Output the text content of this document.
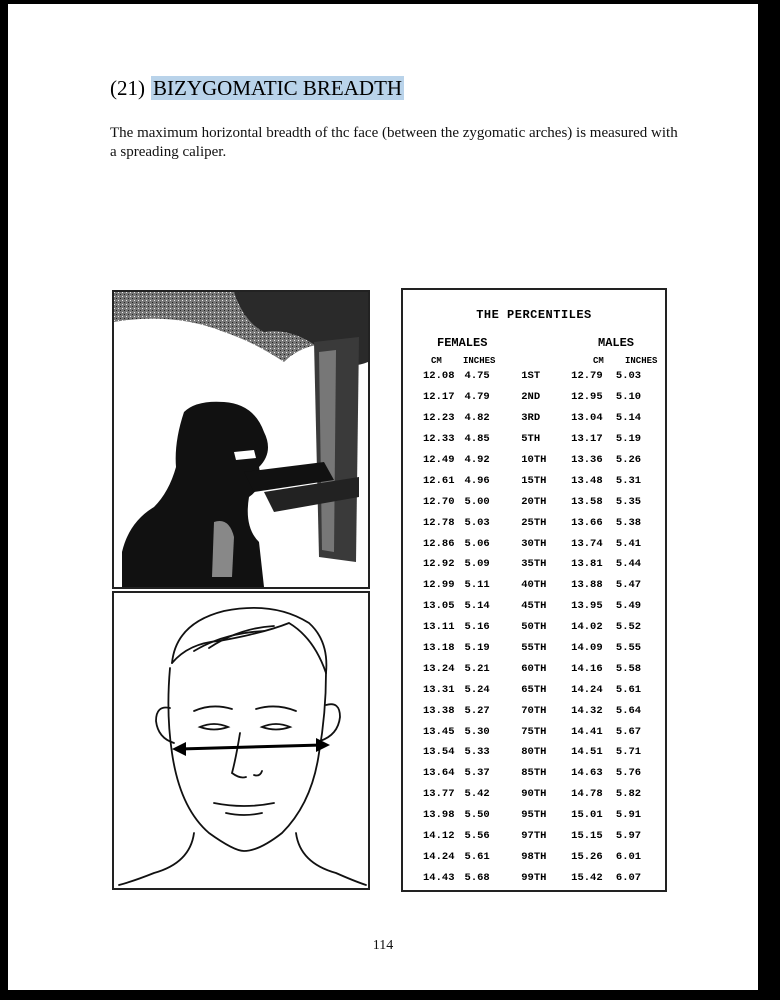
(21) BIZYGOMATIC BREADTH

The maximum horizontal breadth of thc face (between the zygomatic arches) is measured with a spreading caliper.

THE PERCENTILES
FEMALES	MALES
CM INCHES	CM INCHES
12.08	4.75	1ST	12.79	5.03
12.17	4.79	2ND	12.95	5.10
12.23	4.82	3RD	13.04	5.14
12.33	4.85	5TH	13.17	5.19
12.49	4.92	10TH	13.36	5.26
12.61	4.96	15TH	13.48	5.31
12.70	5.00	20TH	13.58	5.35
12.78	5.03	25TH	13.66	5.38
12.86	5.06	30TH	13.74	5.41
12.92	5.09	35TH	13.81	5.44
12.99	5.11	40TH	13.88	5.47
13.05	5.14	45TH	13.95	5.49
13.11	5.16	50TH	14.02	5.52
13.18	5.19	55TH	14.09	5.55
13.24	5.21	60TH	14.16	5.58
13.31	5.24	65TH	14.24	5.61
13.38	5.27	70TH	14.32	5.64
13.45	5.30	75TH	14.41	5.67
13.54	5.33	80TH	14.51	5.71
13.64	5.37	85TH	14.63	5.76
13.77	5.42	90TH	14.78	5.82
13.98	5.50	95TH	15.01	5.91
14.12	5.56	97TH	15.15	5.97
14.24	5.61	98TH	15.26	6.01
14.43	5.68	99TH	15.42	6.07
114
